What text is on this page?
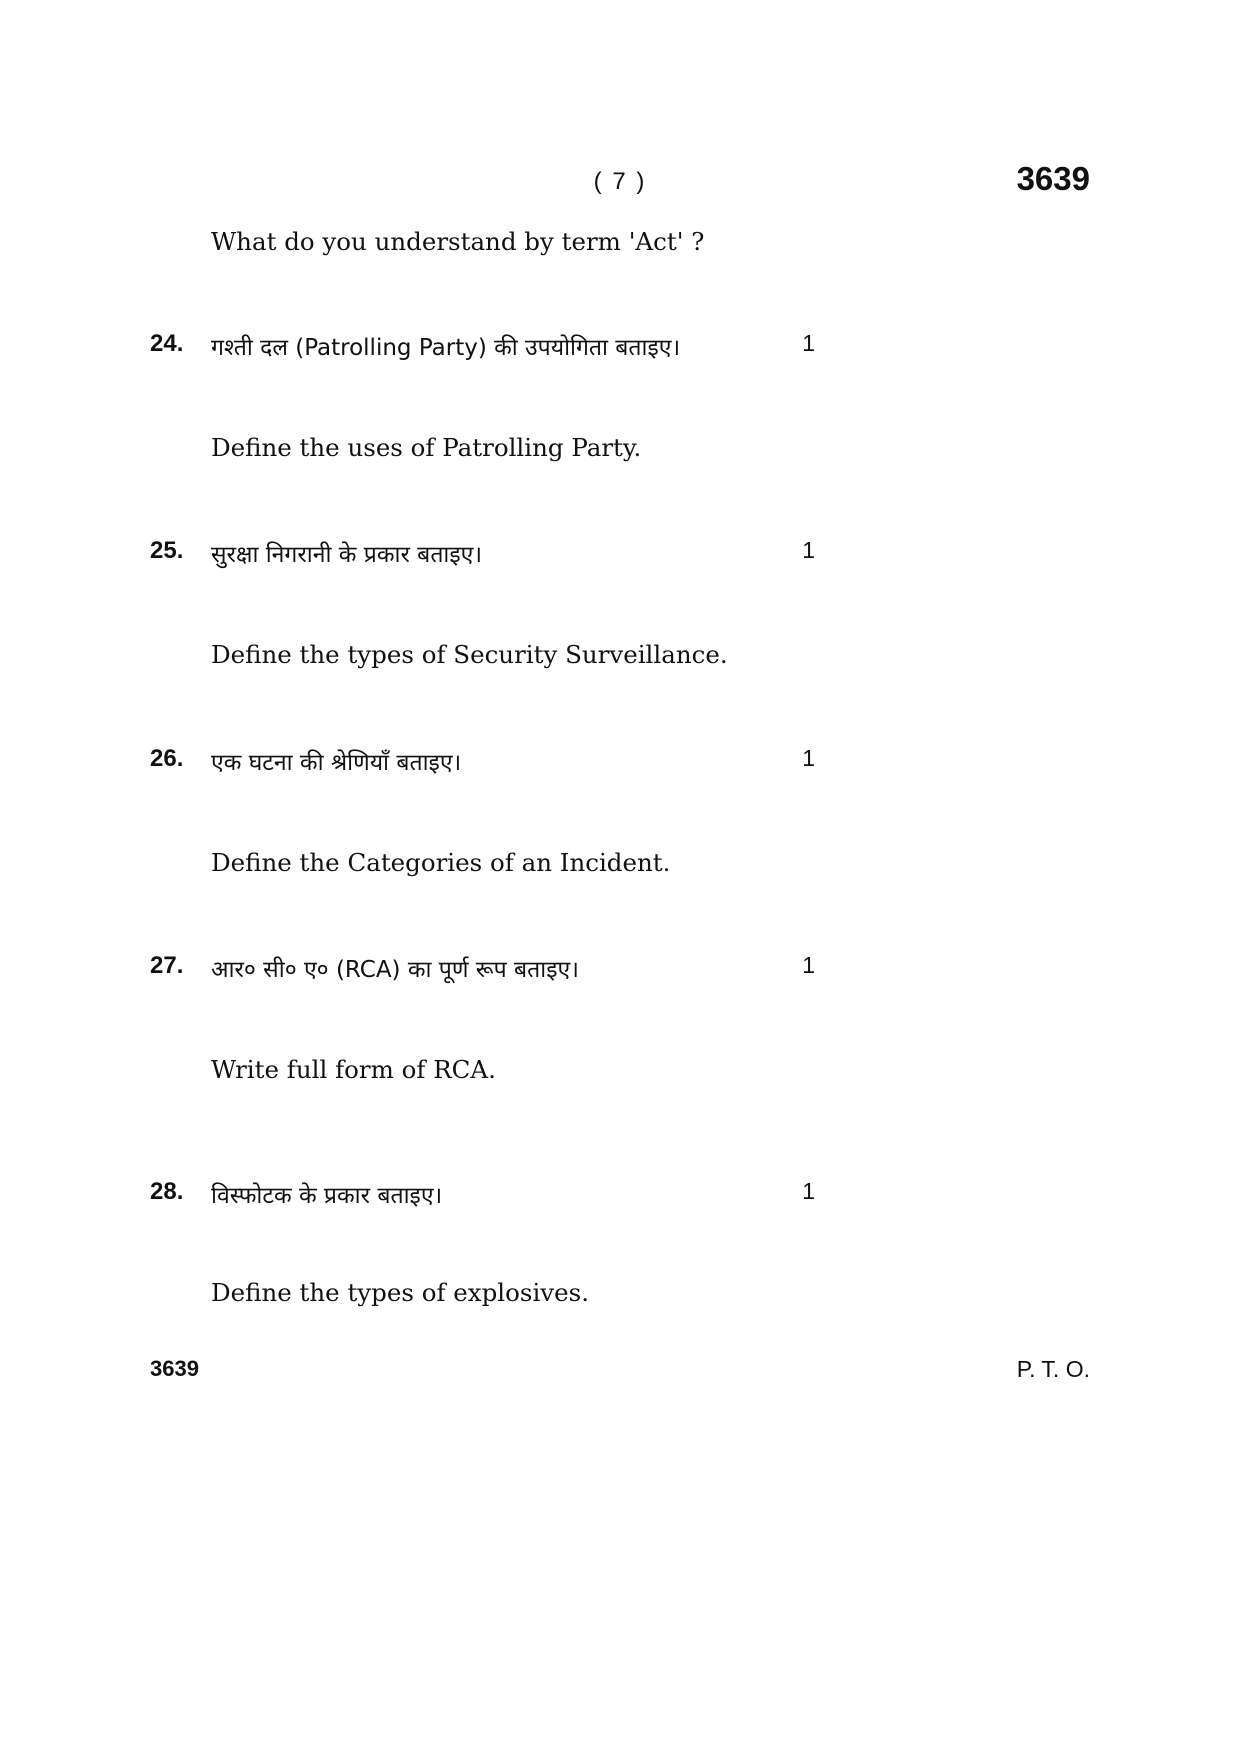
( 7 )	3639
What do you understand by term 'Act' ?
24. गश्ती दल (Patrolling Party) की उपयोगिता बताइए।	1
Define the uses of Patrolling Party.
25. सुरक्षा निगरानी के प्रकार बताइए।	1
Define the types of Security Surveillance.
26. एक घटना की श्रेणियाँ बताइए।	1
Define the Categories of an Incident.
27. आर० सी० ए० (RCA) का पूर्ण रूप बताइए।	1
Write full form of RCA.
28. विस्फोटक के प्रकार बताइए।	1
Define the types of explosives.
3639	P. T. O.
